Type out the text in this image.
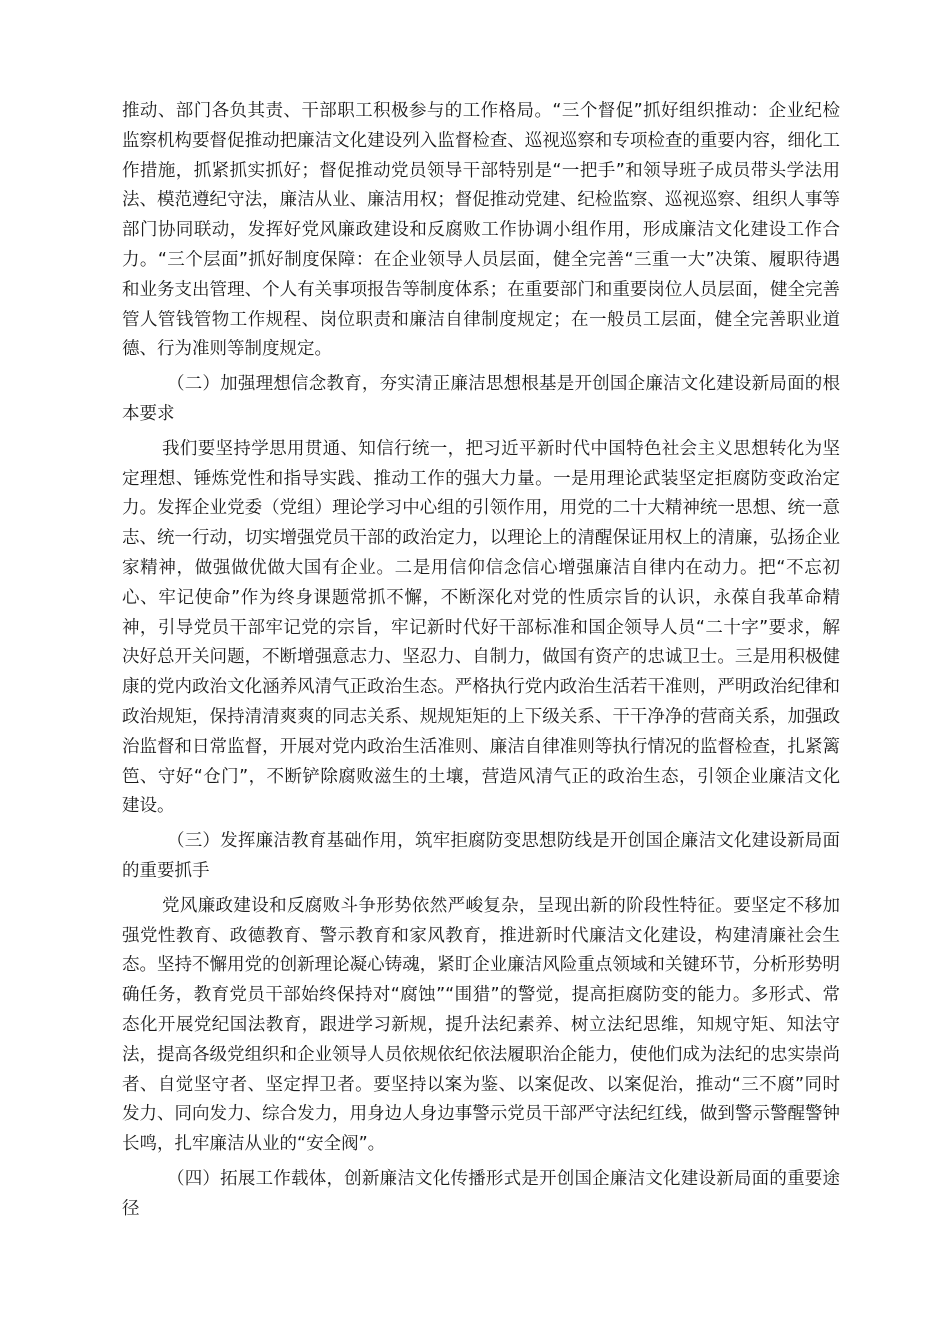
推动、部门各负其责、干部职工积极参与的工作格局。“三个督促”抓好组织推动：企业纪检监察机构要督促推动把廉洁文化建设列入监督检查、巡视巡察和专项检查的重要内容，细化工作措施，抓紧抓实抓好；督促推动党员领导干部特别是“一把手”和领导班子成员带头学法用法、模范遵纪守法，廉洁从业、廉洁用权；督促推动党建、纪检监察、巡视巡察、组织人事等部门协同联动，发挥好党风廉政建设和反腐败工作协调小组作用，形成廉洁文化建设工作合力。“三个层面”抓好制度保障：在企业领导人员层面，健全完善“三重一大”决策、履职待遇和业务支出管理、个人有关事项报告等制度体系；在重要部门和重要岗位人员层面，健全完善管人管钱管物工作规程、岗位职责和廉洁自律制度规定；在一般员工层面，健全完善职业道德、行为准则等制度规定。

（二）加强理想信念教育，夯实清正廉洁思想根基是开创国企廉洁文化建设新局面的根本要求

我们要坚持学思用贯通、知信行统一，把习近平新时代中国特色社会主义思想转化为坚定理想、锤炼党性和指导实践、推动工作的强大力量。一是用理论武装坚定拒腐防变政治定力。发挥企业党委（党组）理论学习中心组的引领作用，用党的二十大精神统一思想、统一意志、统一行动，切实增强党员干部的政治定力，以理论上的清醒保证用权上的清廉，弘扬企业家精神，做强做优做大国有企业。二是用信仰信念信心增强廉洁自律内在动力。把“不忘初心、牢记使命”作为终身课题常抓不懈，不断深化对党的性质宗旨的认识，永葆自我革命精神，引导党员干部牢记党的宗旨，牢记新时代好干部标准和国企领导人员“二十字”要求，解决好总开关问题，不断增强意志力、坚忍力、自制力，做国有资产的忠诚卫士。三是用积极健康的党内政治文化涵养风清气正政治生态。严格执行党内政治生活若干准则，严明政治纪律和政治规矩，保持清清爽爽的同志关系、规规矩矩的上下级关系、干干净净的营商关系，加强政治监督和日常监督，开展对党内政治生活准则、廉洁自律准则等执行情况的监督检查，扎紧篱笆、守好“仓门”，不断铲除腐败滋生的土壤，营造风清气正的政治生态，引领企业廉洁文化建设。

（三）发挥廉洁教育基础作用，筑牢拒腐防变思想防线是开创国企廉洁文化建设新局面的重要抓手

党风廉政建设和反腐败斗争形势依然严峻复杂，呈现出新的阶段性特征。要坚定不移加强党性教育、政德教育、警示教育和家风教育，推进新时代廉洁文化建设，构建清廉社会生态。坚持不懈用党的创新理论凝心铸魂，紧盯企业廉洁风险重点领域和关键环节，分析形势明确任务，教育党员干部始终保持对“腐蚀”“围猎”的警觉，提高拒腐防变的能力。多形式、常态化开展党纪国法教育，跟进学习新规，提升法纪素养、树立法纪思维，知规守矩、知法守法，提高各级党组织和企业领导人员依规依纪依法履职治企能力，使他们成为法纪的忠实崇尚者、自觉坚守者、坚定捍卫者。要坚持以案为鉴、以案促改、以案促治，推动“三不腐”同时发力、同向发力、综合发力，用身边人身边事警示党员干部严守法纪红线，做到警示警醒警钟长鸣，扎牢廉洁从业的“安全阀”。

（四）拓展工作载体，创新廉洁文化传播形式是开创国企廉洁文化建设新局面的重要途径
